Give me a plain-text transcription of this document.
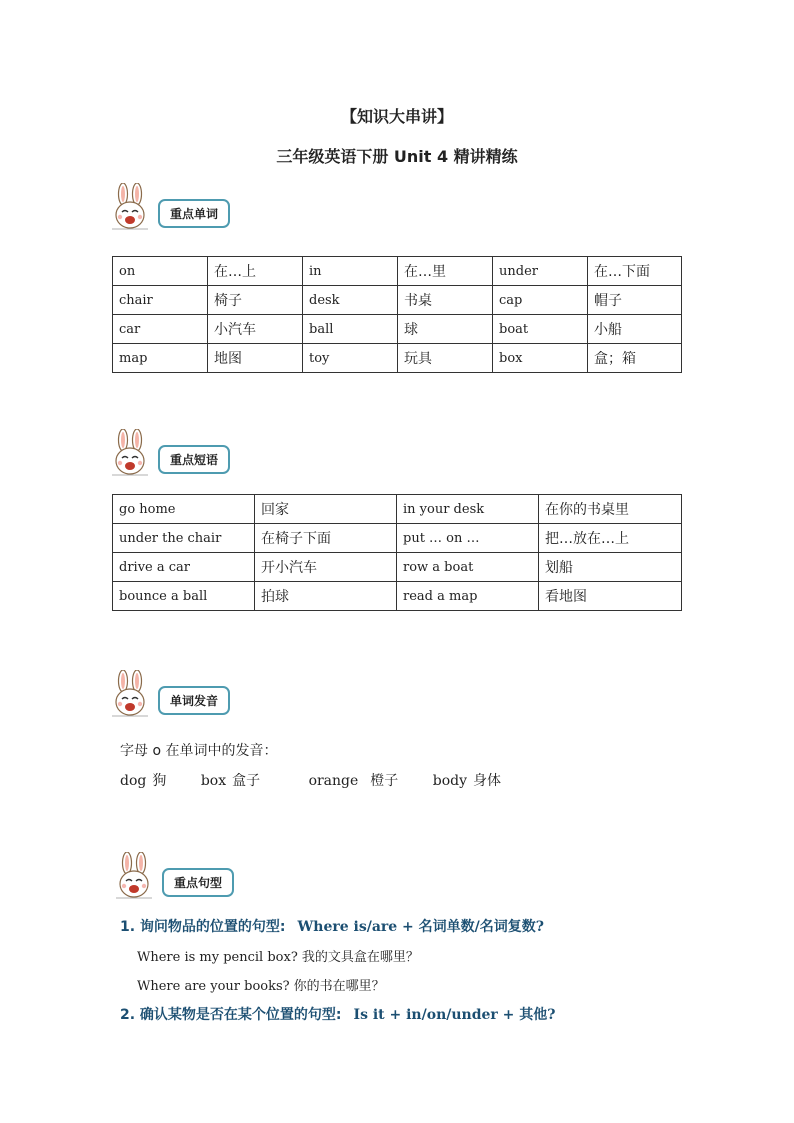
【知识大串讲】
三年级英语下册 Unit 4 精讲精练
重点单词
on	在…上	in	在…里	under	在…下面
chair	椅子	desk	书桌	cap	帽子
car	小汽车	ball	球	boat	小船
map	地图	toy	玩具	box	盒；箱
重点短语
go home	回家	in your desk	在你的书桌里
under the chair	在椅子下面	put … on …	把…放在…上
drive a car	开小汽车	row a boat	划船
bounce a ball	拍球	read a map	看地图
单词发音
字母 o 在单词中的发音：
dog 狗 box 盒子	orange 橙子 body 身体
重点句型
1. 询问物品的位置的句型: Where is/are + 名词单数/名词复数?
Where is my pencil box? 我的文具盒在哪里？
Where are your books? 你的书在哪里？
2. 确认某物是否在某个位置的句型: Is it + in/on/under + 其他?
